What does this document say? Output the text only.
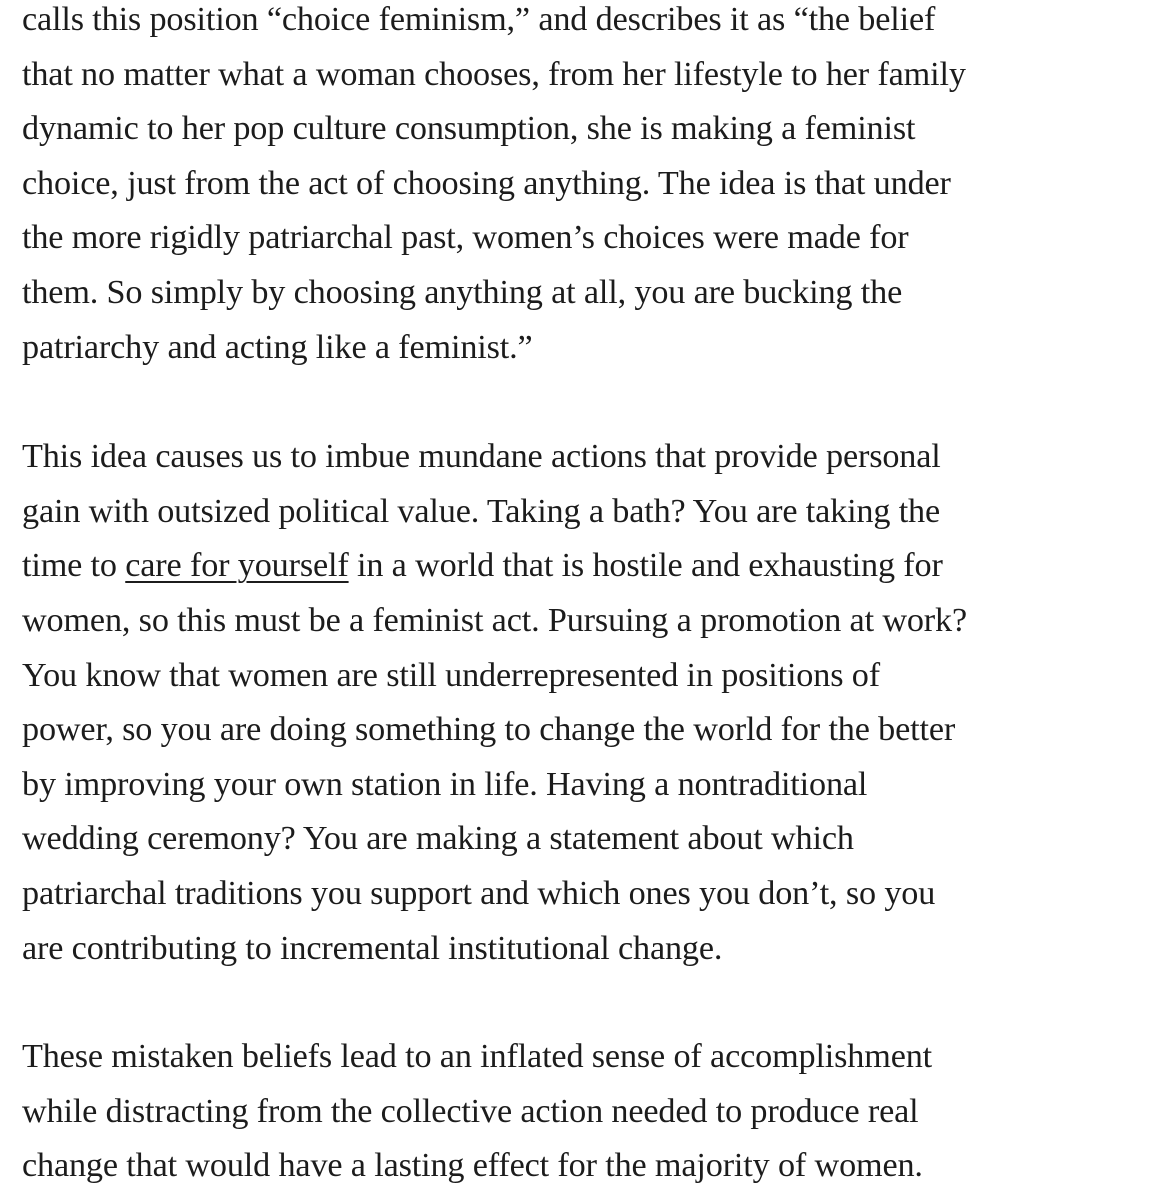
calls this position “choice feminism,” and describes it as “the belief
that no matter what a woman chooses, from her lifestyle to her family
dynamic to her pop culture consumption, she is making a feminist
choice, just from the act of choosing anything. The idea is that under
the more rigidly patriarchal past, women’s choices were made for
them. So simply by choosing anything at all, you are bucking the
patriarchy and acting like a feminist.”

This idea causes us to imbue mundane actions that provide personal
gain with outsized political value. Taking a bath? You are taking the
time to care for yourself in a world that is hostile and exhausting for
women, so this must be a feminist act. Pursuing a promotion at work?
You know that women are still underrepresented in positions of
power, so you are doing something to change the world for the better
by improving your own station in life. Having a nontraditional
wedding ceremony? You are making a statement about which
patriarchal traditions you support and which ones you don’t, so you
are contributing to incremental institutional change.

These mistaken beliefs lead to an inflated sense of accomplishment
while distracting from the collective action needed to produce real
change that would have a lasting effect for the majority of women.
